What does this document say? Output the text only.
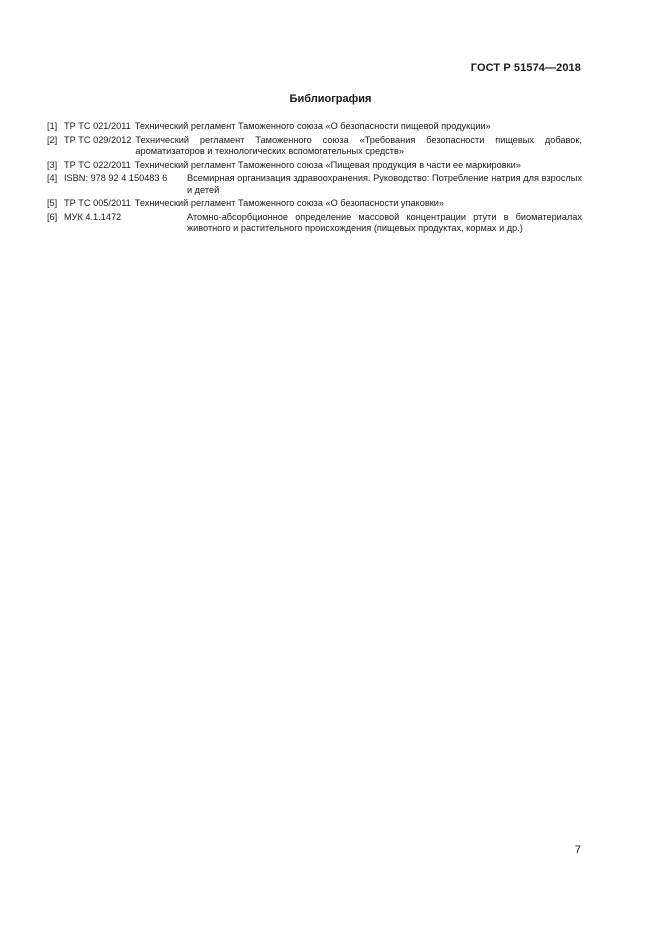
ГОСТ Р 51574—2018
Библиография
[1] ТР ТС 021/2011 Технический регламент Таможенного союза «О безопасности пищевой продукции»
[2] ТР ТС 029/2012 Технический регламент Таможенного союза «Требования безопасности пищевых добавок, ароматизаторов и технологических вспомогательных средств»
[3] ТР ТС 022/2011 Технический регламент Таможенного союза «Пищевая продукция в части ее маркировки»
[4] ISBN: 978 92 4 150483 6	Всемирная организация здравоохранения. Руководство: Потребление натрия для взрослых и детей
[5] ТР ТС 005/2011 Технический регламент Таможенного союза «О безопасности упаковки»
[6] МУК 4.1.1472	Атомно-абсорбционное определение массовой концентрации ртути в биоматериалах животного и растительного происхождения (пищевых продуктах, кормах и др.)
7
